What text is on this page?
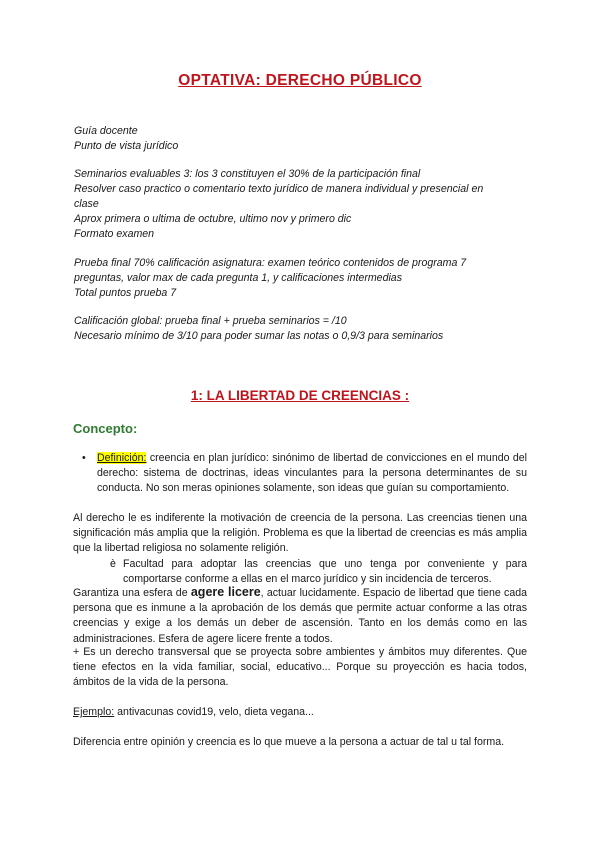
OPTATIVA: DERECHO PÚBLICO
Guía docente
Punto de vista jurídico
Seminarios evaluables 3: los 3 constituyen el 30% de la participación final
Resolver caso practico o comentario texto jurídico de manera individual y presencial en
clase
Aprox primera o ultima de octubre, ultimo nov y primero dic
Formato examen
Prueba final 70% calificación asignatura: examen teórico contenidos de programa 7
preguntas, valor max de cada pregunta 1, y calificaciones intermedias
Total puntos prueba 7
Calificación global: prueba final + prueba seminarios = /10
Necesario mínimo de 3/10 para poder sumar las notas o 0,9/3 para seminarios
1: LA LIBERTAD DE CREENCIAS :
Concepto:
• Definición: creencia en plan jurídico: sinónimo de libertad de convicciones en el mundo del derecho: sistema de doctrinas, ideas vinculantes para la persona determinantes de su conducta. No son meras opiniones solamente, son ideas que guían su comportamiento.
Al derecho le es indiferente la motivación de creencia de la persona. Las creencias tienen una significación más amplia que la religión. Problema es que la libertad de creencias es más amplia que la libertad religiosa no solamente religión.
è Facultad para adoptar las creencias que uno tenga por conveniente y para comportarse conforme a ellas en el marco jurídico y sin incidencia de terceros.
Garantiza una esfera de agere licere, actuar lucidamente. Espacio de libertad que tiene cada persona que es inmune a la aprobación de los demás que permite actuar conforme a las otras creencias y exige a los demás un deber de ascensión. Tanto en los demás como en las administraciones. Esfera de agere licere frente a todos.
+ Es un derecho transversal que se proyecta sobre ambientes y ámbitos muy diferentes. Que tiene efectos en la vida familiar, social, educativo... Porque su proyección es hacia todos, ámbitos de la vida de la persona.
Ejemplo: antivacunas covid19, velo, dieta vegana...
Diferencia entre opinión y creencia es lo que mueve a la persona a actuar de tal u tal forma.
